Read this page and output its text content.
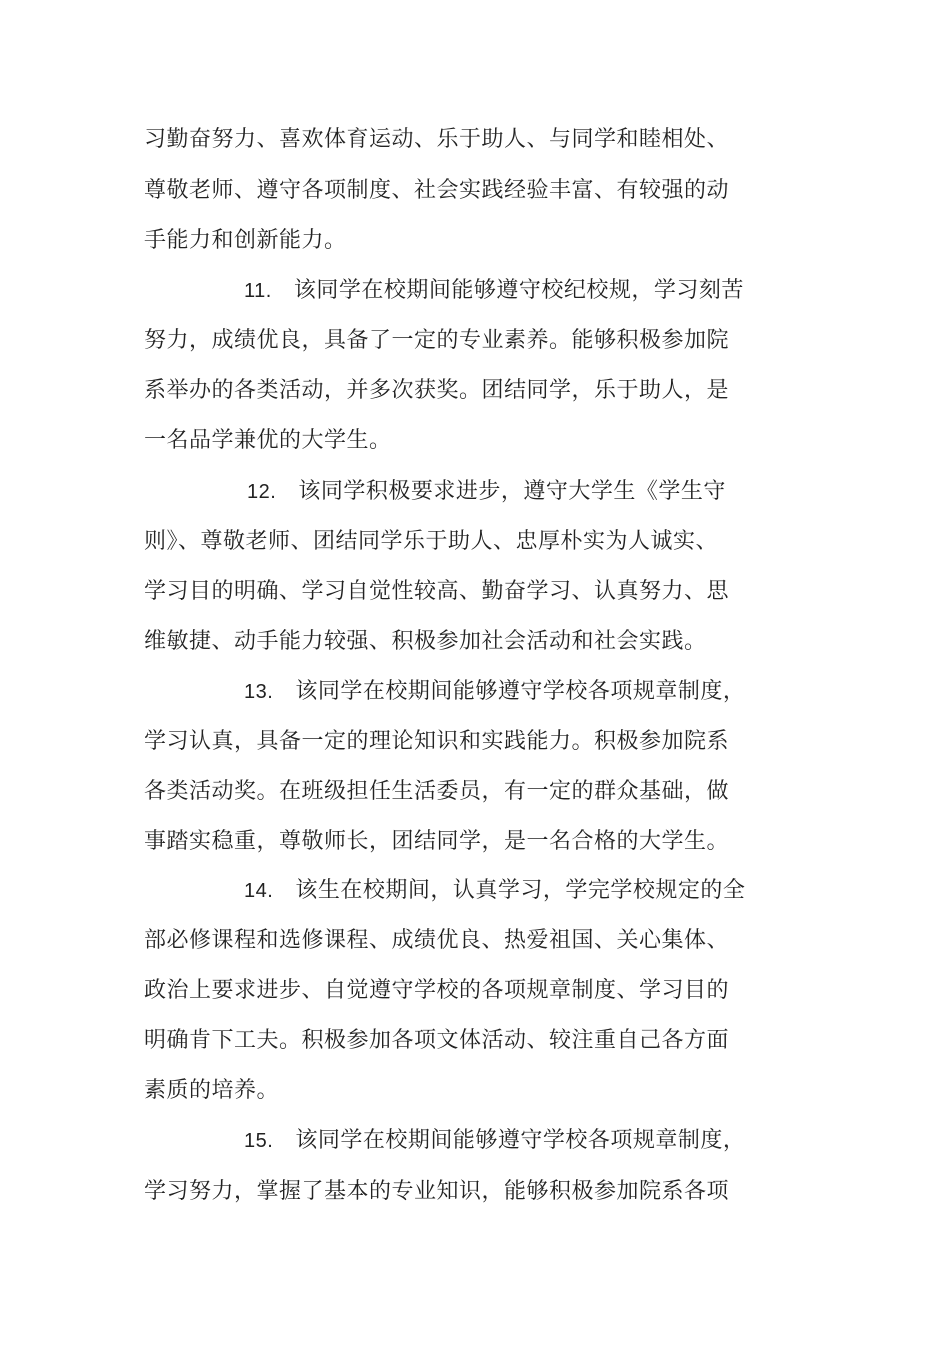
习勤奋努力、喜欢体育运动、乐于助人、与同学和睦相处、

尊敬老师、遵守各项制度、社会实践经验丰富、有较强的动

手能力和创新能力。

11. 该同学在校期间能够遵守校纪校规，学习刻苦

努力，成绩优良，具备了一定的专业素养。能够积极参加院

系举办的各类活动，并多次获奖。团结同学，乐于助人，是

一名品学兼优的大学生。

12. 该同学积极要求进步，遵守大学生《学生守

则》、尊敬老师、团结同学乐于助人、忠厚朴实为人诚实、

学习目的明确、学习自觉性较高、勤奋学习、认真努力、思

维敏捷、动手能力较强、积极参加社会活动和社会实践。

13. 该同学在校期间能够遵守学校各项规章制度，

学习认真，具备一定的理论知识和实践能力。积极参加院系

各类活动奖。在班级担任生活委员，有一定的群众基础，做

事踏实稳重，尊敬师长，团结同学，是一名合格的大学生。

14. 该生在校期间，认真学习，学完学校规定的全

部必修课程和选修课程、成绩优良、热爱祖国、关心集体、

政治上要求进步、自觉遵守学校的各项规章制度、学习目的

明确肯下工夫。积极参加各项文体活动、较注重自己各方面

素质的培养。

15. 该同学在校期间能够遵守学校各项规章制度，

学习努力，掌握了基本的专业知识，能够积极参加院系各项
